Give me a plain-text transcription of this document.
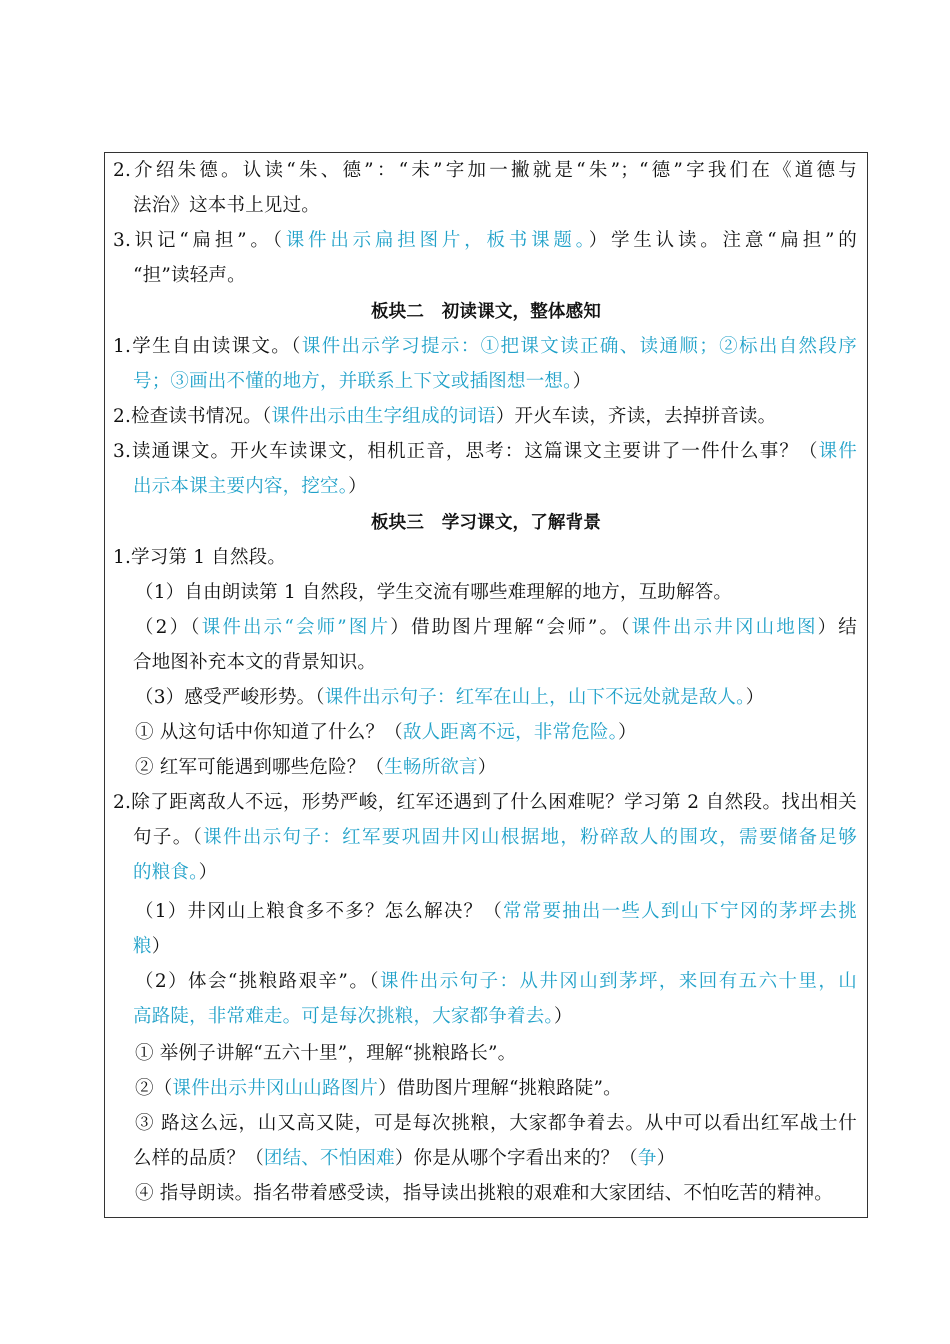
2.介绍朱德。认读“朱、德”：“未”字加一撇就是“朱”；“德”字我们在《道德与
法治》这本书上见过。
3.识记“扁担”。（课件出示扁担图片，板书课题。）学生认读。注意“扁担”的
“担”读轻声。
板块二　初读课文，整体感知
1.学生自由读课文。（课件出示学习提示：①把课文读正确、读通顺；②标出自然段序
号；③画出不懂的地方，并联系上下文或插图想一想。）
2.检查读书情况。（课件出示由生字组成的词语）开火车读，齐读，去掉拼音读。
3.读通课文。开火车读课文，相机正音，思考：这篇课文主要讲了一件什么事？（课件
出示本课主要内容，挖空。）
板块三　学习课文，了解背景
1.学习第 1 自然段。
（1）自由朗读第 1 自然段，学生交流有哪些难理解的地方，互助解答。
（2）（课件出示“会师”图片）借助图片理解“会师”。（课件出示井冈山地图）结
合地图补充本文的背景知识。
（3）感受严峻形势。（课件出示句子：红军在山上，山下不远处就是敌人。）
① 从这句话中你知道了什么？（敌人距离不远，非常危险。）
② 红军可能遇到哪些危险？（生畅所欲言）
2.除了距离敌人不远，形势严峻，红军还遇到了什么困难呢？学习第 2 自然段。找出相关
句子。（课件出示句子：红军要巩固井冈山根据地，粉碎敌人的围攻，需要储备足够
的粮食。）
（1）井冈山上粮食多不多？怎么解决？（常常要抽出一些人到山下宁冈的茅坪去挑
粮）
（2）体会“挑粮路艰辛”。（课件出示句子：从井冈山到茅坪，来回有五六十里，山
高路陡，非常难走。可是每次挑粮，大家都争着去。）
① 举例子讲解“五六十里”，理解“挑粮路长”。
②（课件出示井冈山山路图片）借助图片理解“挑粮路陡”。
③ 路这么远，山又高又陡，可是每次挑粮，大家都争着去。从中可以看出红军战士什
么样的品质？（团结、不怕困难）你是从哪个字看出来的？（争）
④ 指导朗读。指名带着感受读，指导读出挑粮的艰难和大家团结、不怕吃苦的精神。
